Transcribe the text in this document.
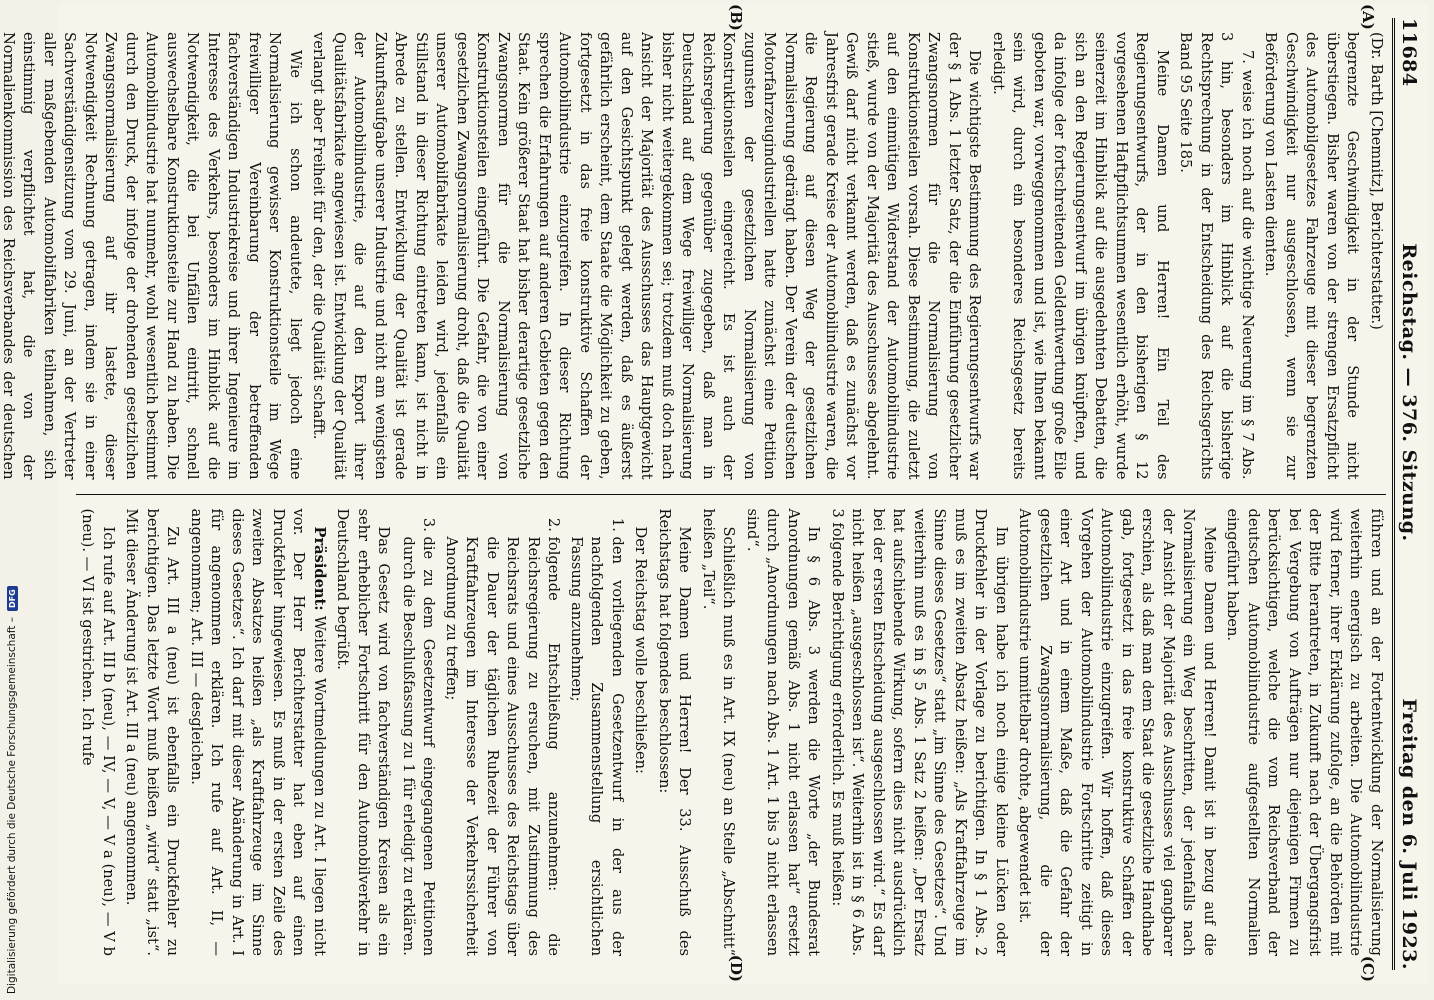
11684
Reichstag. — 376. Sitzung.
Freitag den 6. Juli 1923.
(A)
(B)

(Dr. Barth [Chemnitz], Berichterstatter.)

begrenzte Geschwindigkeit in der Stunde nicht überstiegen. Bisher waren von der strengen Ersatzpflicht des Automobilgesetzes Fahrzeuge mit dieser begrenzten Geschwindigkeit nur ausgeschlossen, wenn sie zur Beförderung von Lasten dienten.

7. weise ich noch auf die wichtige Neuerung im § 7 Abs. 3 hin, besonders im Hinblick auf die bisherige Rechtsprechung in der Entscheidung des Reichsgerichts Band 95 Seite 185.

Meine Damen und Herren! Ein Teil des Regierungsentwurfs, der in den bisherigen § 12 vorgesehenen Haftpflichtsummen wesentlich erhöht, wurde seinerzeit im Hinblick auf die ausgedehnten Debatten, die sich an den Regierungsentwurf im übrigen knüpften, und da infolge der fortschreitenden Geldentwertung große Eile geboten war, vorweggenommen und ist, wie Ihnen bekannt sein wird, durch ein besonderes Reichsgesetz bereits erledigt.

Die wichtigste Bestimmung des Regierungsentwurfs war der § 1 Abs. 1 letzter Satz, der die Einführung gesetzlicher Zwangsnormen für die Normalisierung von Konstruktionsteilen vorsah. Diese Bestimmung, die zuletzt auf den einmütigen Widerstand der Automobilindustrie stieß, wurde von der Majorität des Ausschusses abgelehnt. Gewiß darf nicht verkannt werden, daß es zunächst vor Jahresfrist gerade Kreise der Automobilindustrie waren, die die Regierung auf diesen Weg der gesetzlichen Normalisierung gedrängt haben. Der Verein der deutschen Motorfahrzeugindustriellen hatte zunächst eine Petition zugunsten der gesetzlichen Normalisierung von Konstruktionsteilen eingereicht. Es ist auch der Reichsregierung gegenüber zugegeben, daß man in Deutschland auf dem Wege freiwilliger Normalisierung bisher nicht weitergekommen sei; trotzdem muß doch nach Ansicht der Majorität des Ausschusses das Hauptgewicht auf den Gesichtspunkt gelegt werden, daß es äußerst gefährlich erscheint, dem Staate die Möglichkeit zu geben, fortgesetzt in das freie konstruktive Schaffen der Automobilindustrie einzugreifen. In dieser Richtung sprechen die Erfahrungen auf anderen Gebieten gegen den Staat. Kein größerer Staat hat bisher derartige gesetzliche Zwangsnormen für die Normalisierung von Konstruktionsteilen eingeführt. Die Gefahr, die von einer gesetzlichen Zwangsnormalisierung droht, daß die Qualität unserer Automobilfabrikate leiden wird, jedenfalls ein Stillstand in dieser Richtung eintreten kann, ist nicht in Abrede zu stellen. Entwicklung der Qualität ist gerade Zukunftsaufgabe unserer Industrie und nicht am wenigsten der Automobilindustrie, die auf den Export ihrer Qualitätsfabrikate angewiesen ist. Entwicklung der Qualität verlangt aber Freiheit für den, der die Qualität schafft.

Wie ich schon andeutete, liegt jedoch eine Normalisierung gewisser Konstruktionsteile im Wege freiwilliger Vereinbarung der betreffenden fachverständigen Industriekreise und ihrer Ingenieure im Interesse des Verkehrs, besonders im Hinblick auf die Notwendigkeit, die bei Unfällen eintritt, schnell auswechselbare Konstruktionsteile zur Hand zu haben. Die Automobilindustrie hat nunmehr, wohl wesentlich bestimmt durch den Druck, der infolge der drohenden gesetzlichen Zwangsnormalisierung auf ihr lastete, dieser Notwendigkeit Rechnung getragen, indem sie in einer Sachverständigensitzung vom 29. Juni, an der Vertreter aller maßgebenden Automobilfabriken teilnahmen, sich einstimmig verpflichtet hat, die von der Normalienkommission des Reichsverbandes der deutschen

(C)
(D)

führen und an der Fortentwicklung der Normalisierung weiterhin energisch zu arbeiten. Die Automobilindustrie wird ferner, ihrer Erklärung zufolge, an die Behörden mit der Bitte herantreten, in Zukunft nach der Übergangsfrist bei Vergebung von Aufträgen nur diejenigen Firmen zu berücksichtigen, welche die vom Reichsverband der deutschen Automobilindustrie aufgestellten Normalien eingeführt haben.

Meine Damen und Herren! Damit ist in bezug auf die Normalisierung ein Weg beschritten, der jedenfalls nach der Ansicht der Majorität des Ausschusses viel gangbarer erschien, als daß man dem Staat die gesetzliche Handhabe gab, fortgesetzt in das freie konstruktive Schaffen der Automobilindustrie einzugreifen. Wir hoffen, daß dieses Vorgehen der Automobilindustrie Fortschritte zeitigt in einer Art und in einem Maße, daß die Gefahr der gesetzlichen Zwangsnormalisierung, die der Automobilindustrie unmittelbar drohte, abgewendet ist.

Im übrigen habe ich noch einige kleine Lücken oder Druckfehler in der Vorlage zu berichtigen. In § 1 Abs. 2 muß es im zweiten Absatz heißen: „Als Kraftfahrzeuge im Sinne dieses Gesetzes“ statt „im Sinne des Gesetzes“. Und weiterhin muß es in § 5 Abs. 1 Satz 2 heißen: „Der Ersatz hat aufschiebende Wirkung, sofern dies nicht ausdrücklich bei der ersten Entscheidung ausgeschlossen wird.“ Es darf nicht heißen „ausgeschlossen ist“. Weiterhin ist in § 6 Abs. 3 folgende Berichtigung erforderlich. Es muß heißen:

In § 6 Abs. 3 werden die Worte „der Bundesrat Anordnungen gemäß Abs. 1 nicht erlassen hat“ ersetzt durch „Anordnungen nach Abs. 1 Art. 1 bis 3 nicht erlassen sind“.

Schließlich muß es in Art. IX (neu) an Stelle „Abschnitt“ heißen „Teil“.

Meine Damen und Herren! Der 33. Ausschuß des Reichstags hat folgendes beschlossen:

Der Reichstag wolle beschließen:

1. den vorliegenden Gesetzentwurf in der aus der nachfolgenden Zusammenstellung ersichtlichen Fassung anzunehmen;
2. folgende Entschließung anzunehmen: die Reichsregierung zu ersuchen, mit Zustimmung des Reichsrats und eines Ausschusses des Reichstags über die Dauer der täglichen Ruhezeit der Führer von Kraftfahrzeugen im Interesse der Verkehrssicherheit Anordnung zu treffen;
3. die zu dem Gesetzentwurf eingegangenen Petitionen durch die Beschlußfassung zu 1 für erledigt zu erklären.

Das Gesetz wird von fachverständigen Kreisen als ein sehr erheblicher Fortschritt für den Automobilverkehr in Deutschland begrüßt.

Präsident: Weitere Wortmeldungen zu Art. I liegen nicht vor. Der Herr Berichterstatter hat eben auf einen Druckfehler hingewiesen. Es muß in der ersten Zeile des zweiten Absatzes heißen „als Kraftfahrzeuge im Sinne dieses Gesetzes“. Ich darf mit dieser Abänderung in Art. I für angenommen erklären. Ich rufe auf Art. II, — angenommen; Art. III — desgleichen.

Zu Art. III a (neu) ist ebenfalls ein Druckfehler zu berichtigen. Das letzte Wort muß heißen „wird“ statt „ist“. Mit dieser Änderung ist Art. III a (neu) angenommen.

Ich rufe auf Art. III b (neu), — IV, — V, — V a (neu), — V b (neu). — VI ist gestrichen. Ich rufe

Digitalisierung gefördert durch die Deutsche Forschungsgemeinschaft –
DFG
